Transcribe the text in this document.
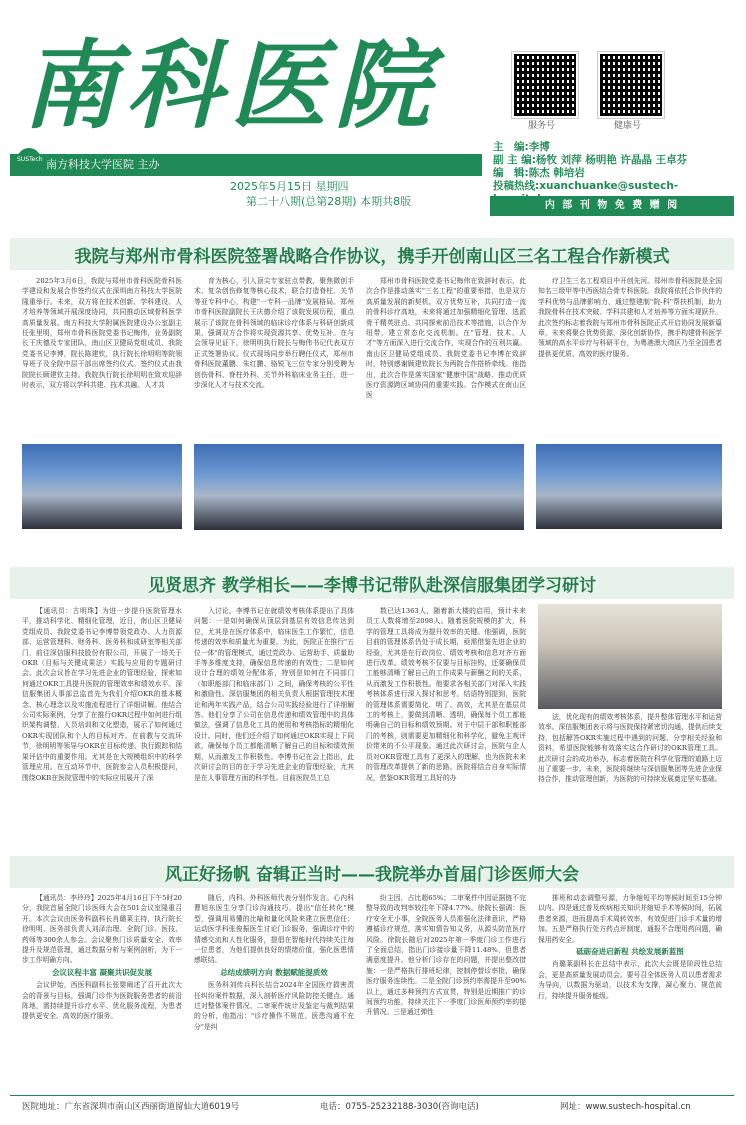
南科医院
SUSTech 南方科技大学医院 主办
2025年5月15日 星期四
第二十八期(总第28期) 本期共8版
服务号	健康号
主　编:李博
副 主 编:杨牧 刘萍 杨明艳 许晶晶 王卓芬
编　辑:陈杰 韩培岩
投稿热线:xuanchuanke@sustech-
内 部 刊 物 免 费 赠 阅
我院与郑州市骨科医院签署战略合作协议，携手开创南山区三名工程合作新模式

2025年3月6日，我院与郑州市骨科医院骨科医学建设和发展合作签约仪式在深圳南方科技大学医院隆重举行。未来，双方将在技术创新、学科建设、人才培养等领域开展深度协同，共同推动区域骨科医学高质量发展。南方科技大学附属医院建设办公室副主任张里明，郑州市骨科医院党委书记梅伟，业务副院长王庆德及专家团队，南山区卫健局党组成员、我院党委书记李博，院长陈建钦，执行院长徐明明等院领导班子及全院中层干部出席签约仪式。签约仪式由我院院长顾建钦主持。我院执行院长徐明明在致欢迎辞时表示，双方将以学科共建、技术共融、人才共

育为核心，引入顶尖专家驻点带教，聚焦微创手术、复杂创伤修复等核心技术，联合打造脊柱、关节等亚专科中心，构建"一专科一品牌"发展格局。郑州市骨科医院副院长王庆德介绍了该院发展历程，重点展示了该院在骨科领域的临床诊疗体系与科研创新成果，强调双方合作将实现资源共享、优势互补。在与会领导见证下，徐明明执行院长与梅伟书记代表双方正式签署协议。仪式现场同步举行聘任仪式，郑州市骨科医院董鹏、朱红鹏、骆锐飞三位专家分别受聘为创伤骨科、脊柱外科、关节外科临床业务主任，进一步深化人才与技术交流。

郑州市骨科医院党委书记梅伟在致辞时表示，此次合作是推动落实"三名工程"的重要举措，也是双方高质量发展的新契机。双方优势互补，共同打造一流的骨科诊疗高地，未来将通过加强精细化管理、选派骨干精英驻点、共同探索前沿技术等措施，以合作为纽带，建立常态化交流机制。在"管理、技术、人才"等方面深入进行交流合作，实现合作的互利共赢。南山区卫健局党组成员、我院党委书记李博在致辞时，特别感谢顾建钦院长为两院合作搭桥牵线。他指出，此次合作是落实国家"健康中国"战略、推动优质医疗资源跨区域协同的重要实践。合作模式在南山区医

疗卫生三名工程项目中开创先河。郑州市骨科医院是全国知名三级甲等中西医结合骨专科医院。我院将依托合作伙伴的学科优势与品牌影响力，通过整建制"院-科"帮扶机制，助力我院骨科在技术突破、学科共建和人才培养等方面实现跃升。此次签约标志着我院与郑州市骨科医院正式开启协同发展新篇章，未来将聚合优势资源，深化创新协作，携手构建骨科医学领域的高水平诊疗与科研平台，为粤港澳大湾区乃至全国患者提供更优质、高效的医疗服务。

见贤思齐 教学相长——李博书记带队赴深信服集团学习研讨

【通讯员：古明珠】为进一步提升医院管理水平，推动科学化、精细化管理，近日，南山区卫健局党组成员、我院党委书记李博带领党政办、人力资源部、运营管理科、财务科、医务科和成研室等相关部门，前往深信服科技股份有限公司，开展了一场关于OKR（目标与关键成果法）实践与应用的专题研讨会。此次会议旨在学习先进企业的管理经验，探索如何通过OKR工具提升医院的管理效率和绩效水平。深信服集团人事部总监首先为我们介绍OKR的基本概念、核心理念以及实施流程进行了详细讲解。他结合公司实际案例，分享了在推行OKR过程中如何进行组织架构调整、人员培训和文化塑造，展示了如何通过OKR实现团队和个人的目标对齐。在前教与交流环节，徐明明等领导与OKR在目标传递、执行跟踪和结果评估中的重要作用。尤其是在大规模组织中的科学管理应用。在互动环节中，医院参会人员积极提问，围绕OKR在医院管理中的实际应用展开了深

入讨论。李博书记在就绩效考核体系提出了具体问题：一是如何确保从顶层到基层有效信息传达到位，尤其是在医疗体系中，临床医生工作繁忙，信息传递的效率和质量尤为重要。为此，医院正在推行"五位一体"的管理模式，通过党政办、运营助手、质量助手等多维度支持，确保信息传递的有效性；二是如何设计合理的绩效分配体系，特别是如何在不同部门（如职能部门和临床部门）之间，确保考核的公平性和激励性。深信服集团的相关负责人根据管理技术理论和两年实践产品，结合公司实践经验进行了详细解答。他们分享了公司在信息传递和绩效管理中的具体做法，强调了信息化工具的使用和考核指标的精细化设计。同时，他们还介绍了如何通过OKR实现上下同欲，确保每个员工都能清晰了解自己的目标和绩效预期，从而激发工作积极性。李博书记在会上指出，此次研讨会的目的在于学习先进企业的管理经验，尤其是在人事管理方面的科学性。目前医院员工总

数已达1363人，随着新大楼的启用，预计未来员工人数将增至2098人。随着医院规模的扩大，科学的管理工具将成为提升效率的关键。他强调，医院目前的管理体系仍处于成长期，亟需借鉴先进企业的经验，尤其是在行政岗位、绩效考核和信息对齐方面进行改革。绩效考核不仅要与目标挂钩，还要确保员工能够清晰了解自己的工作成果与薪酬之间的关系，从而激发工作积极性。他要求各相关部门对深入实践考核体系进行深入探讨和思考。结语特别提到，医院的管理体系需要简化、明了、高效，尤其是在基层员工的考核上，要做到清晰、透明，确保每个员工都能明确自己的目标和绩效预期。对于中层干部和职能部门的考核，则需要更加精细化和科学化，避免主观评价带来的不公平现象。通过此次研讨会，医院与企人员对OKR管理工具有了更深入的理解，也为医院未来的管理改革提供了新的思路。医院将结合自身实际情况，借鉴OKR管理工具好的办

法，优化现有的绩效考核体系，提升整体管理水平和运营效率。深信服集团表示将与医院保持紧密切沟通，提供后续支持，包括解答OKR实施过程中遇到的问题、分享相关经验和资料，希望医院能够有效落实这合作研讨的OKR管理工具。此次研讨会的成功举办，标志着医院在科学化管理的道路上迈出了重要一步。未来，医院将继续与深信服集团等先进企业保持合作，推动管理创新，为医院的可持续发展奠定坚实基础。

风正好扬帆 奋辑正当时——我院举办首届门诊医师大会

【通讯员：李玲玲】2025年4月16日下午5时20分，我院首届全院门诊医师大会在501会议室隆重召开。本次会议由医务科副科长肖璐莱主持，执行院长徐明明、医务部负责人刘泽治理、全院门诊、医技、药师等300余人参会。会议聚焦门诊质量安全、效率提升及规范管理，通过数据分析与案例剖析，为下一步工作明确方向。

会议议程丰富 凝聚共识促发展

会议伊始，西医科副科长张婴阐述了召开此次大会的背景与目标，强调门诊作为医院服务患者的前沿阵地，需持续提升诊疗水平、优化服务流程，为患者提供更安全、高效的医疗服务。

随后，内科、外科医师代表分别作发言。心内科曹旭东医生分享门诊沟通技巧，提出"信任转化"模型，强调用易懂的比喻和量化风险来建立医患信任；运动医学科张俊振医生讨论门诊服务，强调诊疗中的情感交流和人性化服务，提倡在智能时代持续关注每一位患者，为他们提供良好的情绪价值，强化医患情感联结。

总结成绩明方向 数据赋能提质效

医务科刘传兵科长结合2024年全国医疗损害责任纠纷案件数据，深入剖析医疗风险防控关键点。通过对整体案件情况、二审案件统计及鉴定与裁判结果的分析，他指出："诊疗操作不规范、医患沟通不充分"是纠

纷主因，占比超65%；二审案件中因证据链不完整导致的改判率较往年下降4.77%。徐院长强调：医疗安全无小事，全院医务人员需强化法律意识，严格遵循诊疗规范，落实知情告知义务，从源头防范医疗风险。徐院长随后对2025年第一季度门诊工作进行了全面总结，指出门诊接诊量下降11.48%，但患者满意度提升。他分析门诊存在的问题，并提出整改措施：一是严格执行排班纪律，控制停替诊率批，确保医疗服务连续性。二是全院门诊预约率需提升至90%以上，通过多种预约方式宣贯，特别是近期推广的诊间预约功能，持续关注下一季度门诊医师预约率的提升情况。三是通过弹性

排班和动态调整号源，力争缩短平均等候时间至15分钟以内。四是通过普及疾病相关知识并缩短手术等候时间，拓展患者来源，进而提高手术周转效率，有效促进门诊手术量的增加。五是严格执行处方药点评制度，通报不合理用药问题，确保用药安全。

砥砺奋进启新程 共绘发展新蓝图

肖璐莱副科长在总结中表示，此次大会既是阶段性总结会，更是高质量发展动员会。要号召全体医务人员以患者需求为导向，以数据为驱动，以技术为支撑，凝心聚力、规范前行，持续提升服务能级。

医院地址：广东省深圳市南山区西丽街道留仙大道6019号	电话：0755-25232188-3030(咨询电话)	网址：www.sustech-hospital.cn
